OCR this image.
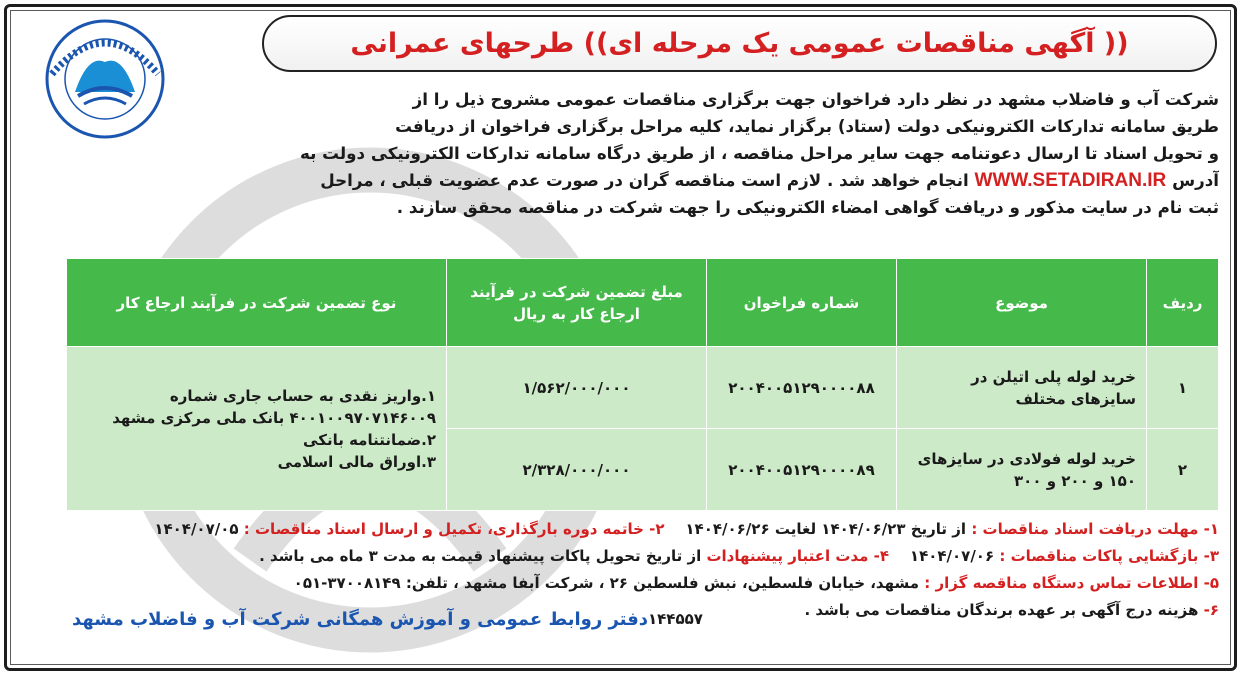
(( آگهی مناقصات عمومی یک مرحله ای)) طرحهای عمرانی
شرکت آب و فاضلاب مشهد در نظر دارد فراخوان جهت برگزاری مناقصات عمومی مشروح ذیل را از
طریق سامانه تدارکات الکترونیکی دولت (ستاد) برگزار نماید، کلیه مراحل برگزاری فراخوان از دریافت
و تحویل اسناد تا ارسال دعوتنامه جهت سایر مراحل مناقصه ، از طریق درگاه سامانه تدارکات الکترونیکی دولت به
آدرس WWW.SETADIRAN.IR انجام خواهد شد . لازم است مناقصه گران در صورت عدم عضویت قبلی ، مراحل
ثبت نام در سایت مذکور و دریافت گواهی امضاء الکترونیکی را جهت شرکت در مناقصه محقق سازند .
ردیف	موضوع	شماره فراخوان	مبلغ تضمین شرکت در فرآیند ارجاع کار به ریال	نوع تضمین شرکت در فرآیند ارجاع کار
۱	خرید لوله پلی اتیلن در سایزهای مختلف	۲۰۰۴۰۰۵۱۲۹۰۰۰۰۸۸	۱/۵۶۲/۰۰۰/۰۰۰	۱.واریز نقدی به حساب جاری شماره
۴۰۰۱۰۰۹۷۰۷۱۴۶۰۰۹ بانک ملی مرکزی مشهد
۲.ضمانتنامه بانکی
۳.اوراق مالی اسلامی

۲	خرید لوله فولادی در سایزهای ۱۵۰ و ۲۰۰ و ۳۰۰	۲۰۰۴۰۰۵۱۲۹۰۰۰۰۸۹	۲/۳۲۸/۰۰۰/۰۰۰	
۱- مهلت دریافت اسناد مناقصات : از تاریخ ۱۴۰۴/۰۶/۲۳ لغایت ۱۴۰۴/۰۶/۲۶    ۲- خاتمه دوره بارگذاری، تکمیل و ارسال اسناد مناقصات : ۱۴۰۴/۰۷/۰۵
۳- بازگشایی پاکات مناقصات : ۱۴۰۴/۰۷/۰۶    ۴- مدت اعتبار پیشنهادات از تاریخ تحویل پاکات پیشنهاد قیمت به مدت ۳ ماه می باشد .
۵- اطلاعات تماس دستگاه مناقصه گزار : مشهد، خیابان فلسطین، نبش فلسطین ۲۶ ، شرکت آبفا مشهد ، تلفن: ۳۷۰۰۸۱۴۹-۰۵۱
۶- هزینه درج آگهی بر عهده برندگان مناقصات می باشد .
۱۴۴۵۵۷
دفتر روابط عمومی و آموزش همگانی شرکت آب و فاضلاب مشهد
